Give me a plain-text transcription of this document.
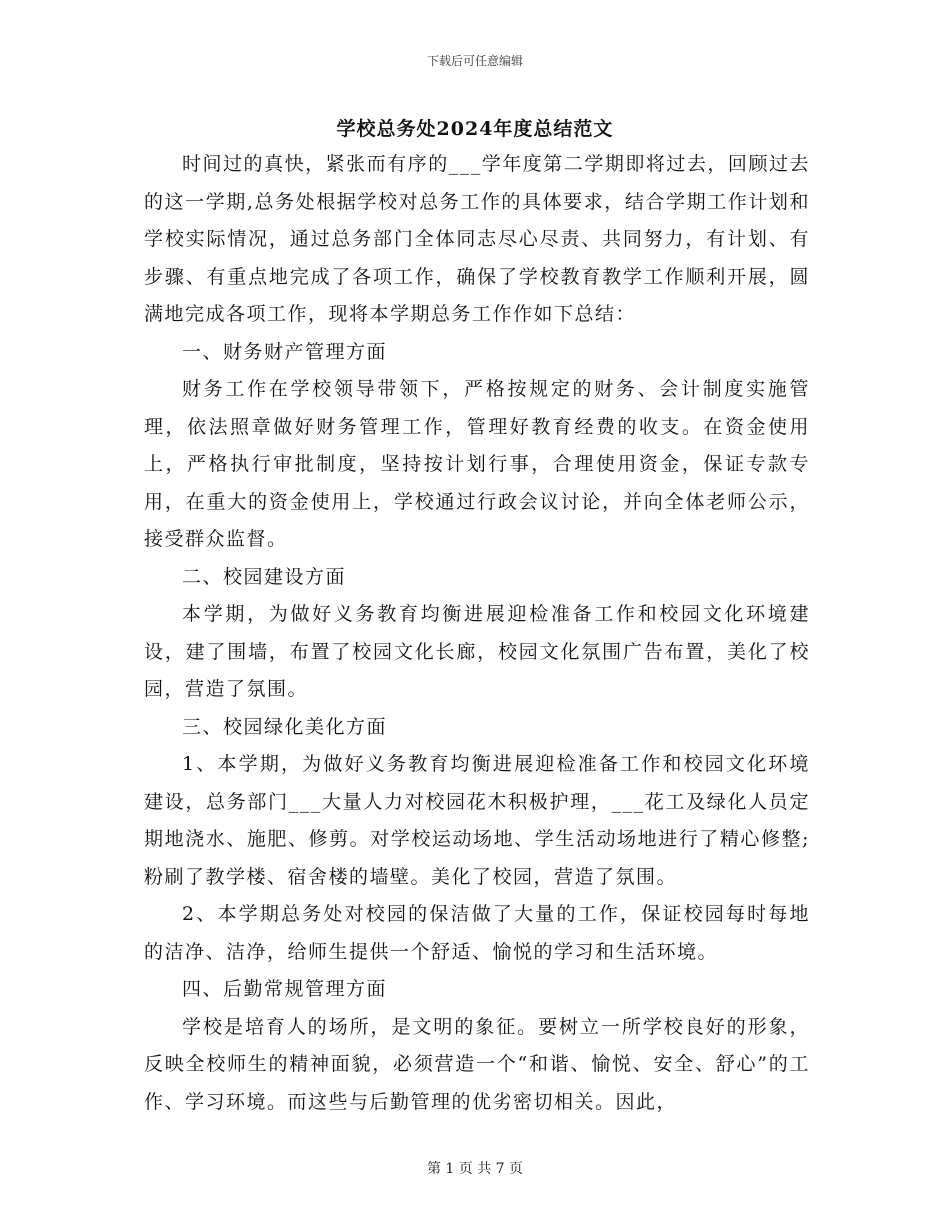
下载后可任意编辑
学校总务处2024年度总结范文

时间过的真快，紧张而有序的___学年度第二学期即将过去，回顾过去的这一学期,总务处根据学校对总务工作的具体要求，结合学期工作计划和学校实际情况，通过总务部门全体同志尽心尽责、共同努力，有计划、有步骤、有重点地完成了各项工作，确保了学校教育教学工作顺利开展，圆满地完成各项工作，现将本学期总务工作作如下总结：

一、财务财产管理方面

财务工作在学校领导带领下，严格按规定的财务、会计制度实施管理，依法照章做好财务管理工作，管理好教育经费的收支。在资金使用上，严格执行审批制度，坚持按计划行事，合理使用资金，保证专款专用，在重大的资金使用上，学校通过行政会议讨论，并向全体老师公示，接受群众监督。

二、校园建设方面

本学期，为做好义务教育均衡进展迎检准备工作和校园文化环境建设，建了围墙，布置了校园文化长廊，校园文化氛围广告布置，美化了校园，营造了氛围。

三、校园绿化美化方面

1、本学期，为做好义务教育均衡进展迎检准备工作和校园文化环境建设，总务部门___大量人力对校园花木积极护理，___花工及绿化人员定期地浇水、施肥、修剪。对学校运动场地、学生活动场地进行了精心修整;粉刷了教学楼、宿舍楼的墙壁。美化了校园，营造了氛围。

2、本学期总务处对校园的保洁做了大量的工作，保证校园每时每地的洁净、洁净，给师生提供一个舒适、愉悦的学习和生活环境。

四、后勤常规管理方面

学校是培育人的场所，是文明的象征。要树立一所学校良好的形象，反映全校师生的精神面貌，必须营造一个“和谐、愉悦、安全、舒心”的工作、学习环境。而这些与后勤管理的优劣密切相关。因此，

第 1 页 共 7 页
